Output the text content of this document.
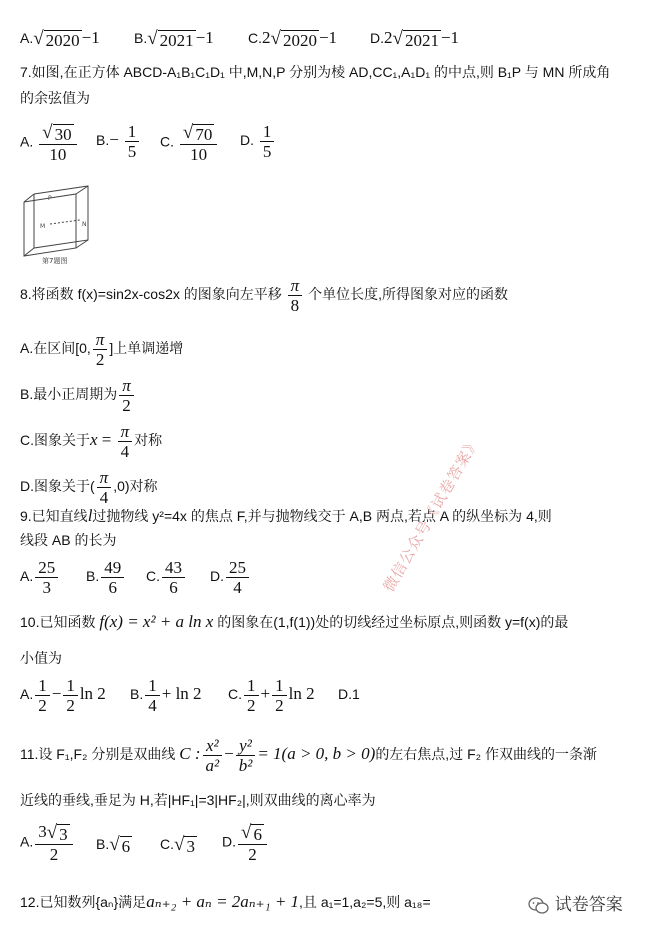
A. √ 2020 −1 B. √ 2021 −1 C.2 √ 2020 −1 D.2 √ 2021 −1
7.如图,在正方体 ABCD-A₁B₁C₁D₁ 中,M,N,P 分别为棱 AD,CC₁,A₁D₁ 的中点,则 B₁P 与 MN 所成角
的余弦值为
A. $\frac{√ 30}{10} B.- \frac{1}{5} C$. $\frac{√ 70}{10} D$. $\frac{1}{5}$
P
M	N
第7题图
8.将函数 f(x)=sin2x-cos2x 的图象向左平移 $\frac{\pi}{8}$ 个单位长度,所得图象对应的函数
A.在区间[0, $\frac{\pi}{2}$ ]上单调递增
B.最小正周期为 $\frac{\pi}{2}$
C.图象关于$x = \frac{\pi}{4}$ 对称
D.图象关于( $\frac{\pi}{4} ,0$)对称
9.已知直线l过抛物线 y²=4x 的焦点 F,并与抛物线交于 A,B 两点,若点 A 的纵坐标为 4,则
线段 AB 的长为
A. $\frac{25}{3} B$. $\frac{49}{6} C$. $\frac{43}{6} D$. $\frac{25}{4}$
10.已知函数 f(x) = x² + a ln x 的图象在(1,f(1))处的切线经过坐标原点,则函数 y=f(x)的最
小值为
A. $\frac{1}{2} - \frac{1}{2}$ ln 2 B. $\frac{1}{4} + \ln 2$ C. $\frac{1}{2} + \frac{1}{2}$ ln 2 D.1
11.设 F₁,F₂ 分别是双曲线 C : $\frac{\text{x²}}{\text{a²}} - \frac{\text{y²}}{\text{b²}} = 1(a > 0$, b > 0)的左右焦点,过 F₂ 作双曲线的一条渐
近线的垂线,垂足为 H,若|HF₁|=3|HF₂|,则双曲线的离心率为
A. $\frac{3 √ 3}{2} B$. √ 6 C. √ 3 D. $\frac{√ 6}{2}$
12.已知数列{aₙ}满足aₙ₊₂ + aₙ = 2aₙ₊₁ + 1,且 a₁=1,a₂=5,则 a₁₈=
微信公众号《试卷答案》
试卷答案
